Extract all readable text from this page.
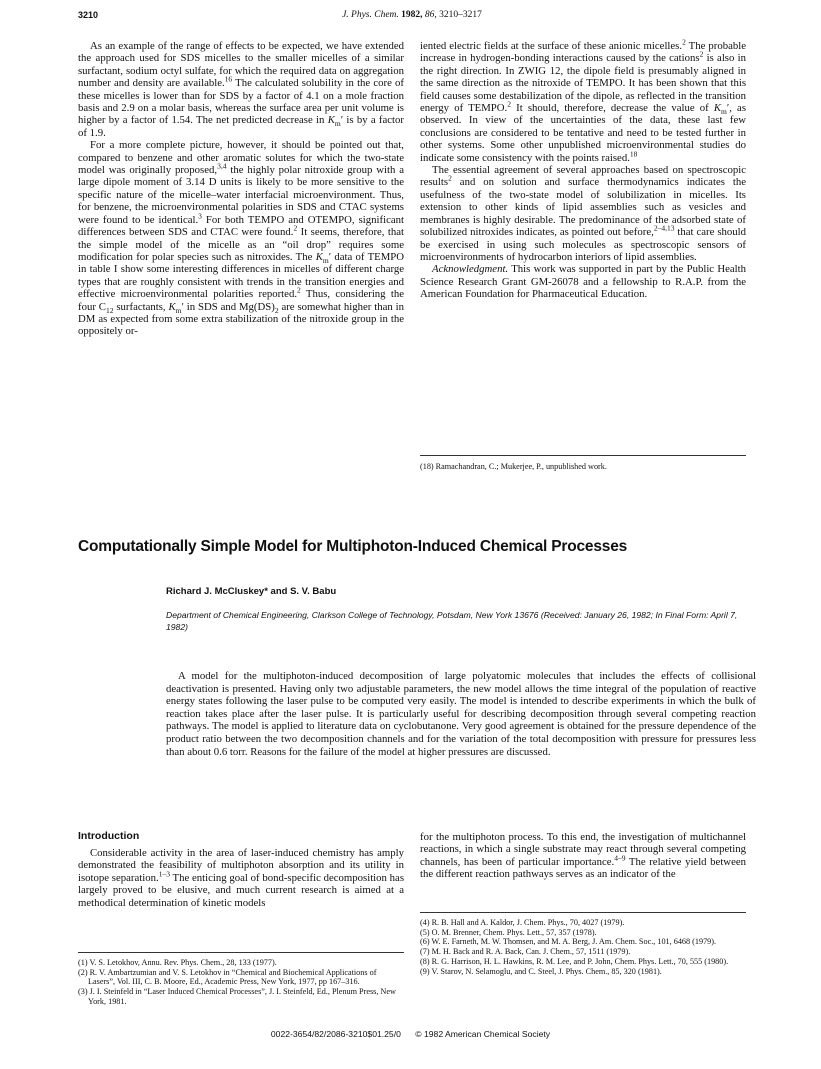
3210	J. Phys. Chem. 1982, 86, 3210–3217

As an example of the range of effects to be expected, we have extended the approach used for SDS micelles to the smaller micelles of a similar surfactant, sodium octyl sulfate, for which the required data on aggregation number and density are available.$^{16}$ The calculated solubility in the core of these micelles is lower than for SDS by a factor of 4.1 on a mole fraction basis and 2.9 on a molar basis, whereas the surface area per unit volume is higher by a factor of 1.54. The net predicted decrease in $K_m'$ is by a factor of 1.9.

For a more complete picture, however, it should be pointed out that, compared to benzene and other aromatic solutes for which the two-state model was originally proposed,$^{3,4}$ the highly polar nitroxide group with a large dipole moment of 3.14 D units is likely to be more sensitive to the specific nature of the micelle–water interfacial microenvironment. Thus, for benzene, the microenvironmental polarities in SDS and CTAC systems were found to be identical.$^3$ For both TEMPO and OTEMPO, significant differences between SDS and CTAC were found.$^2$ It seems, therefore, that the simple model of the micelle as an “oil drop” requires some modification for polar species such as nitroxides. The $K_m'$ data of TEMPO in table I show some interesting differences in micelles of different charge types that are roughly consistent with trends in the transition energies and effective microenvironmental polarities reported.$^2$ Thus, considering the four $C_{12}$ surfactants, $K_m'$ in SDS and $Mg(DS)_2$ are somewhat higher than in DM as expected from some extra stabilization of the nitroxide group in the oppositely or-

iented electric fields at the surface of these anionic micelles.$^2$ The probable increase in hydrogen-bonding interactions caused by the cations$^2$ is also in the right direction. In ZWIG 12, the dipole field is presumably aligned in the same direction as the nitroxide of TEMPO. It has been shown that this field causes some destabilization of the dipole, as reflected in the transition energy of TEMPO.$^2$ It should, therefore, decrease the value of $K_m'$, as observed. In view of the uncertainties of the data, these last few conclusions are considered to be tentative and need to be tested further in other systems. Some other unpublished microenvironmental studies do indicate some consistency with the points raised.$^{18}$

The essential agreement of several approaches based on spectroscopic results$^2$ and on solution and surface thermodynamics indicates the usefulness of the two-state model of solubilization in micelles. Its extension to other kinds of lipid assemblies such as vesicles and membranes is highly desirable. The predominance of the adsorbed state of solubilized nitroxides indicates, as pointed out before,$^{2-4,13}$ that care should be exercised in using such molecules as spectroscopic sensors of microenvironments of hydrocarbon interiors of lipid assemblies.

Acknowledgment. This work was supported in part by the Public Health Science Research Grant GM-26078 and a fellowship to R.A.P. from the American Foundation for Pharmaceutical Education.

(18) Ramachandran, C.; Mukerjee, P., unpublished work.
Computationally Simple Model for Multiphoton-Induced Chemical Processes
Richard J. McCluskey* and S. V. Babu
Department of Chemical Engineering, Clarkson College of Technology, Potsdam, New York 13676 (Received: January 26, 1982; In Final Form: April 7, 1982)
A model for the multiphoton-induced decomposition of large polyatomic molecules that includes the effects of collisional deactivation is presented. Having only two adjustable parameters, the new model allows the time integral of the population of reactive energy states following the laser pulse to be computed very easily. The model is intended to describe experiments in which the bulk of reaction takes place after the laser pulse. It is particularly useful for describing decomposition through several competing reaction pathways. The model is applied to literature data on cyclobutanone. Very good agreement is obtained for the pressure dependence of the product ratio between the two decomposition channels and for the variation of the total decomposition with pressure for pressures less than about 0.6 torr. Reasons for the failure of the model at higher pressures are discussed.
Introduction

Considerable activity in the area of laser-induced chemistry has amply demonstrated the feasibility of multiphoton absorption and its utility in isotope separation.$^{1-3}$ The enticing goal of bond-specific decomposition has largely proved to be elusive, and much current research is aimed at a methodical determination of kinetic models

for the multiphoton process. To this end, the investigation of multichannel reactions, in which a single substrate may react through several competing channels, has been of particular importance.$^{4-9}$ The relative yield between the different reaction pathways serves as an indicator of the

(1) V. S. Letokhov, Annu. Rev. Phys. Chem., 28, 133 (1977).
(2) R. V. Ambartzumian and V. S. Letokhov in “Chemical and Biochemical Applications of Lasers”, Vol. III, C. B. Moore, Ed., Academic Press, New York, 1977, pp 167–316.
(3) J. I. Steinfeld in “Laser Induced Chemical Processes”, J. I. Steinfeld, Ed., Plenum Press, New York, 1981.
(4) R. B. Hall and A. Kaldor, J. Chem. Phys., 70, 4027 (1979).
(5) O. M. Brenner, Chem. Phys. Lett., 57, 357 (1978).
(6) W. E. Farneth, M. W. Thomsen, and M. A. Berg, J. Am. Chem. Soc., 101, 6468 (1979).
(7) M. H. Back and R. A. Back, Can. J. Chem., 57, 1511 (1979).
(8) R. G. Harrison, H. L. Hawkins, R. M. Lee, and P. John, Chem. Phys. Lett., 70, 555 (1980).
(9) V. Starov, N. Selamoglu, and C. Steel, J. Phys. Chem., 85, 320 (1981).
0022-3654/82/2086-3210$01.25/0 © 1982 American Chemical Society
